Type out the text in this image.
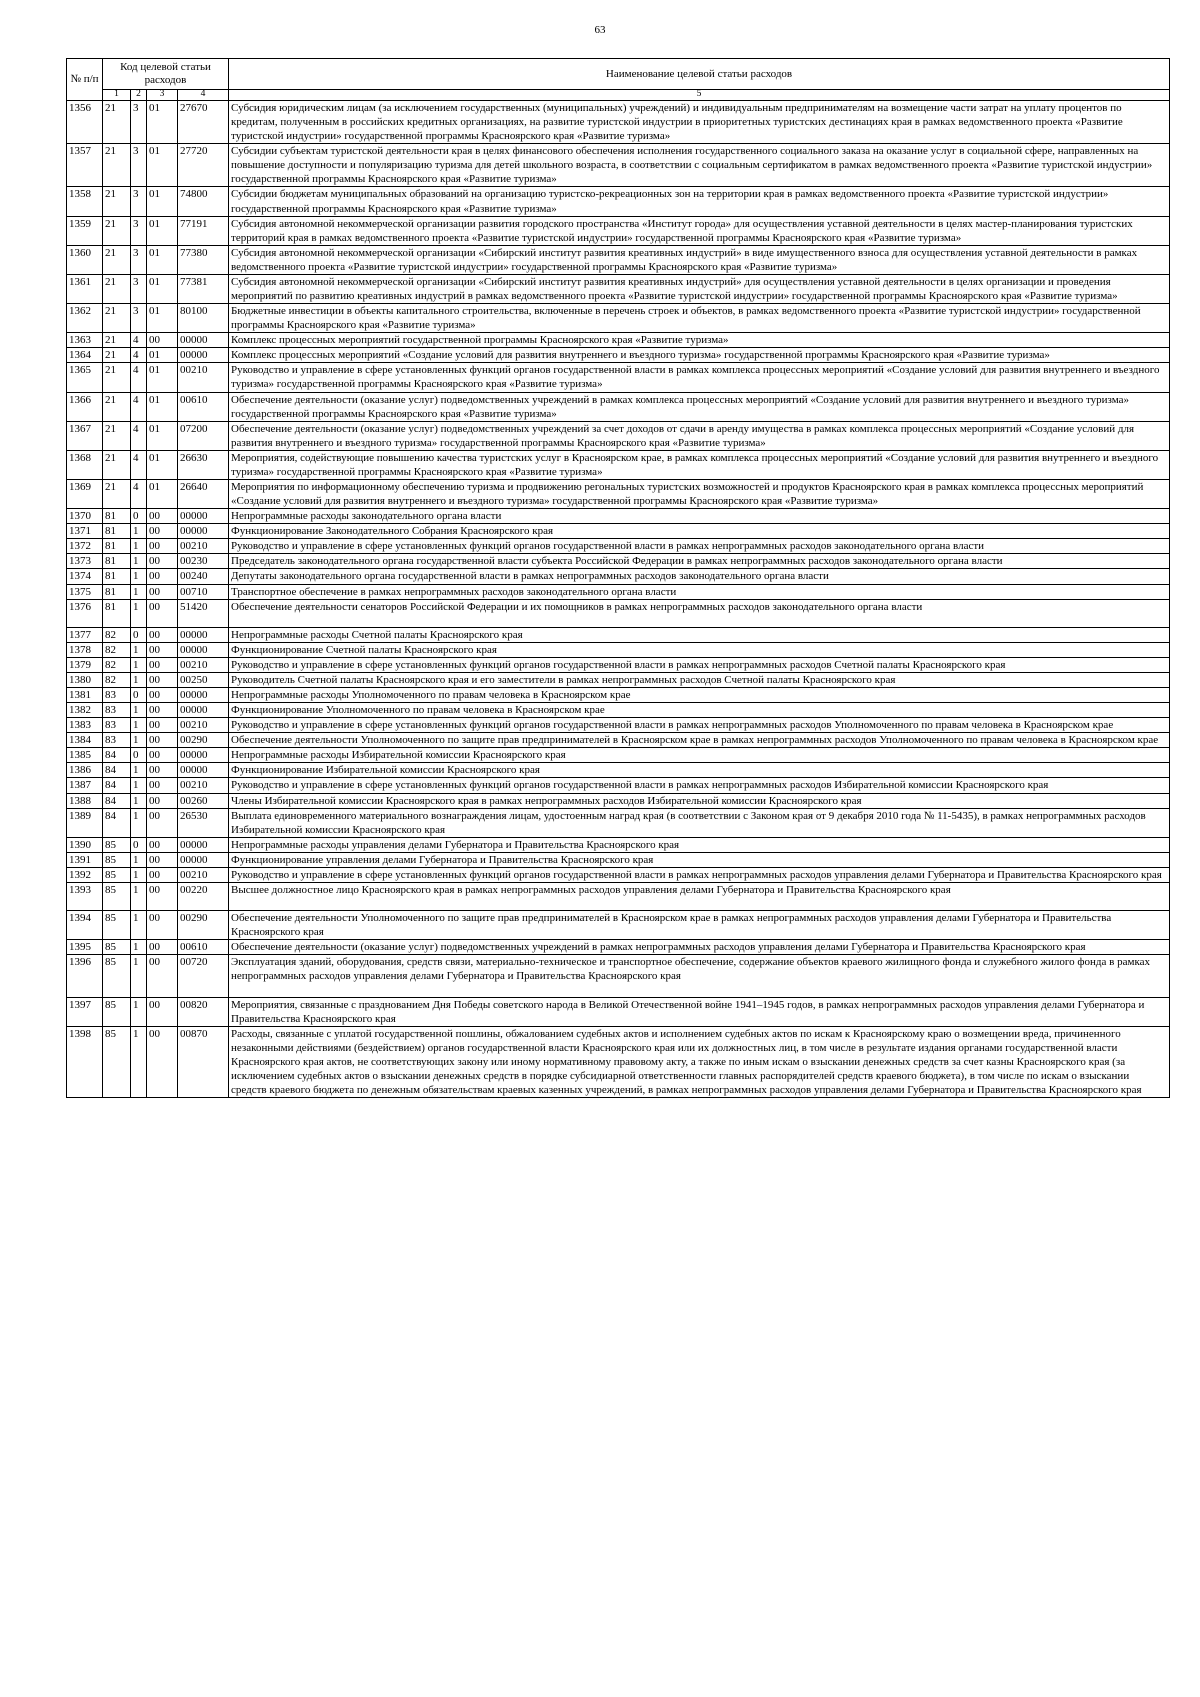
63
№ п/п	Код целевой статьи расходов				Наименование целевой статьи расходов
	1	2	3	4	5
1356	21	3	01	27670	Субсидия юридическим лицам (за исключением государственных (муниципальных) учреждений) и индивидуальным предпринимателям на возмещение части затрат на уплату процентов по кредитам, полученным в российских кредитных организациях, на развитие туристской индустрии в приоритетных туристских дестинациях края в рамках ведомственного проекта «Развитие туристской индустрии» государственной программы Красноярского края «Развитие туризма»
1357	21	3	01	27720	Субсидии субъектам туристской деятельности края в целях финансового обеспечения исполнения государственного социального заказа на оказание услуг в социальной сфере, направленных на повышение доступности и популяризацию туризма для детей школьного возраста, в соответствии с социальным сертификатом в рамках ведомственного проекта «Развитие туристской индустрии» государственной программы Красноярского края «Развитие туризма»
1358	21	3	01	74800	Субсидии бюджетам муниципальных образований на организацию туристско-рекреационных зон на территории края в рамках ведомственного проекта «Развитие туристской индустрии» государственной программы Красноярского края «Развитие туризма»
1359	21	3	01	77191	Субсидия автономной некоммерческой организации развития городского пространства «Институт города» для осуществления уставной деятельности в целях мастер-планирования туристских территорий края в рамках ведомственного проекта «Развитие туристской индустрии» государственной программы Красноярского края «Развитие туризма»
1360	21	3	01	77380	Субсидия автономной некоммерческой организации «Сибирский институт развития креативных индустрий» в виде имущественного взноса для осуществления уставной деятельности в рамках ведомственного проекта «Развитие туристской индустрии» государственной программы Красноярского края «Развитие туризма»
1361	21	3	01	77381	Субсидия автономной некоммерческой организации «Сибирский институт развития креативных индустрий» для осуществления уставной деятельности в целях организации и проведения мероприятий по развитию креативных индустрий в рамках ведомственного проекта «Развитие туристской индустрии» государственной программы Красноярского края «Развитие туризма»
1362	21	3	01	80100	Бюджетные инвестиции в объекты капитального строительства, включенные в перечень строек и объектов, в рамках ведомственного проекта «Развитие туристской индустрии» государственной программы Красноярского края «Развитие туризма»
1363	21	4	00	00000	Комплекс процессных мероприятий государственной программы Красноярского края «Развитие туризма»
1364	21	4	01	00000	Комплекс процессных мероприятий «Создание условий для развития внутреннего и въездного туризма» государственной программы Красноярского края «Развитие туризма»
1365	21	4	01	00210	Руководство и управление в сфере установленных функций органов государственной власти в рамках комплекса процессных мероприятий «Создание условий для развития внутреннего и въездного туризма» государственной программы Красноярского края «Развитие туризма»
1366	21	4	01	00610	Обеспечение деятельности (оказание услуг) подведомственных учреждений в рамках комплекса процессных мероприятий «Создание условий для развития внутреннего и въездного туризма» государственной программы Красноярского края «Развитие туризма»
1367	21	4	01	07200	Обеспечение деятельности (оказание услуг) подведомственных учреждений за счет доходов от сдачи в аренду имущества в рамках комплекса процессных мероприятий «Создание условий для развития внутреннего и въездного туризма» государственной программы Красноярского края «Развитие туризма»
1368	21	4	01	26630	Мероприятия, содействующие повышению качества туристских услуг в Красноярском крае, в рамках комплекса процессных мероприятий «Создание условий для развития внутреннего и въездного туризма» государственной программы Красноярского края «Развитие туризма»
1369	21	4	01	26640	Мероприятия по информационному обеспечению туризма и продвижению регональных туристских возможностей и продуктов Красноярского края в рамках комплекса процессных мероприятий «Создание условий для развития внутреннего и въездного туризма» государственной программы Красноярского края «Развитие туризма»
1370	81	0	00	00000	Непрограммные расходы законодательного органа власти
1371	81	1	00	00000	Функционирование Законодательного Собрания Красноярского края
1372	81	1	00	00210	Руководство и управление в сфере установленных функций органов государственной власти в рамках непрограммных расходов законодательного органа власти
1373	81	1	00	00230	Председатель законодательного органа государственной власти субъекта Российской Федерации в рамках непрограммных расходов законодательного органа власти
1374	81	1	00	00240	Депутаты законодательного органа государственной власти в рамках непрограммных расходов законодательного органа власти
1375	81	1	00	00710	Транспортное обеспечение в рамках непрограммных расходов законодательного органа власти
1376	81	1	00	51420	Обеспечение деятельности сенаторов Российской Федерации и их помощников в рамках непрограммных расходов законодательного органа власти
1377	82	0	00	00000	Непрограммные расходы Счетной палаты Красноярского края
1378	82	1	00	00000	Функционирование Счетной палаты Красноярского края
1379	82	1	00	00210	Руководство и управление в сфере установленных функций органов государственной власти в рамках непрограммных расходов Счетной палаты Красноярского края
1380	82	1	00	00250	Руководитель Счетной палаты Красноярского края и его заместители в рамках непрограммных расходов Счетной палаты Красноярского края
1381	83	0	00	00000	Непрограммные расходы Уполномоченного по правам человека в Красноярском крае
1382	83	1	00	00000	Функционирование Уполномоченного по правам человека в Красноярском крае
1383	83	1	00	00210	Руководство и управление в сфере установленных функций органов государственной власти в рамках непрограммных расходов Уполномоченного по правам человека в Красноярском крае
1384	83	1	00	00290	Обеспечение деятельности Уполномоченного по защите прав предпринимателей в Красноярском крае в рамках непрограммных расходов Уполномоченного по правам человека в Красноярском крае
1385	84	0	00	00000	Непрограммные расходы Избирательной комиссии Красноярского края
1386	84	1	00	00000	Функционирование Избирательной комиссии Красноярского края
1387	84	1	00	00210	Руководство и управление в сфере установленных функций органов государственной власти в рамках непрограммных расходов Избирательной комиссии Красноярского края
1388	84	1	00	00260	Члены Избирательной комиссии Красноярского края в рамках непрограммных расходов Избирательной комиссии Красноярского края
1389	84	1	00	26530	Выплата единовременного материального вознаграждения лицам, удостоенным наград края (в соответствии с Законом края от 9 декабря 2010 года № 11-5435), в рамках непрограммных расходов Избирательной комиссии Красноярского края
1390	85	0	00	00000	Непрограммные расходы управления делами Губернатора и Правительства Красноярского края
1391	85	1	00	00000	Функционирование управления делами Губернатора и Правительства Красноярского края
1392	85	1	00	00210	Руководство и управление в сфере установленных функций органов государственной власти в рамках непрограммных расходов управления делами Губернатора и Правительства Красноярского края
1393	85	1	00	00220	Высшее должностное лицо Красноярского края в рамках непрограммных расходов управления делами Губернатора и Правительства Красноярского края
1394	85	1	00	00290	Обеспечение деятельности Уполномоченного по защите прав предпринимателей в Красноярском крае в рамках непрограммных расходов управления делами Губернатора и Правительства Красноярского края
1395	85	1	00	00610	Обеспечение деятельности (оказание услуг) подведомственных учреждений в рамках непрограммных расходов управления делами Губернатора и Правительства Красноярского края
1396	85	1	00	00720	Эксплуатация зданий, оборудования, средств связи, материально-техническое и транспортное обеспечение, содержание объектов краевого жилищного фонда и служебного жилого фонда в рамках непрограммных расходов управления делами Губернатора и Правительства Красноярского края
1397	85	1	00	00820	Мероприятия, связанные с празднованием Дня Победы советского народа в Великой Отечественной войне 1941–1945 годов, в рамках непрограммных расходов управления делами Губернатора и Правительства Красноярского края
1398	85	1	00	00870	Расходы, связанные с уплатой государственной пошлины, обжалованием судебных актов и исполнением судебных актов по искам к Красноярскому краю о возмещении вреда, причиненного незаконными действиями (бездействием) органов государственной власти Красноярского края или их должностных лиц, в том числе в результате издания органами государственной власти Красноярского края актов, не соответствующих закону или иному нормативному правовому акту, а также по иным искам о взыскании денежных средств за счет казны Красноярского края (за исключением судебных актов о взыскании денежных средств в порядке субсидиарной ответственности главных распорядителей средств краевого бюджета), в том числе по искам о взыскании средств краевого бюджета по денежным обязательствам краевых казенных учреждений, в рамках непрограммных расходов управления делами Губернатора и Правительства Красноярского края
